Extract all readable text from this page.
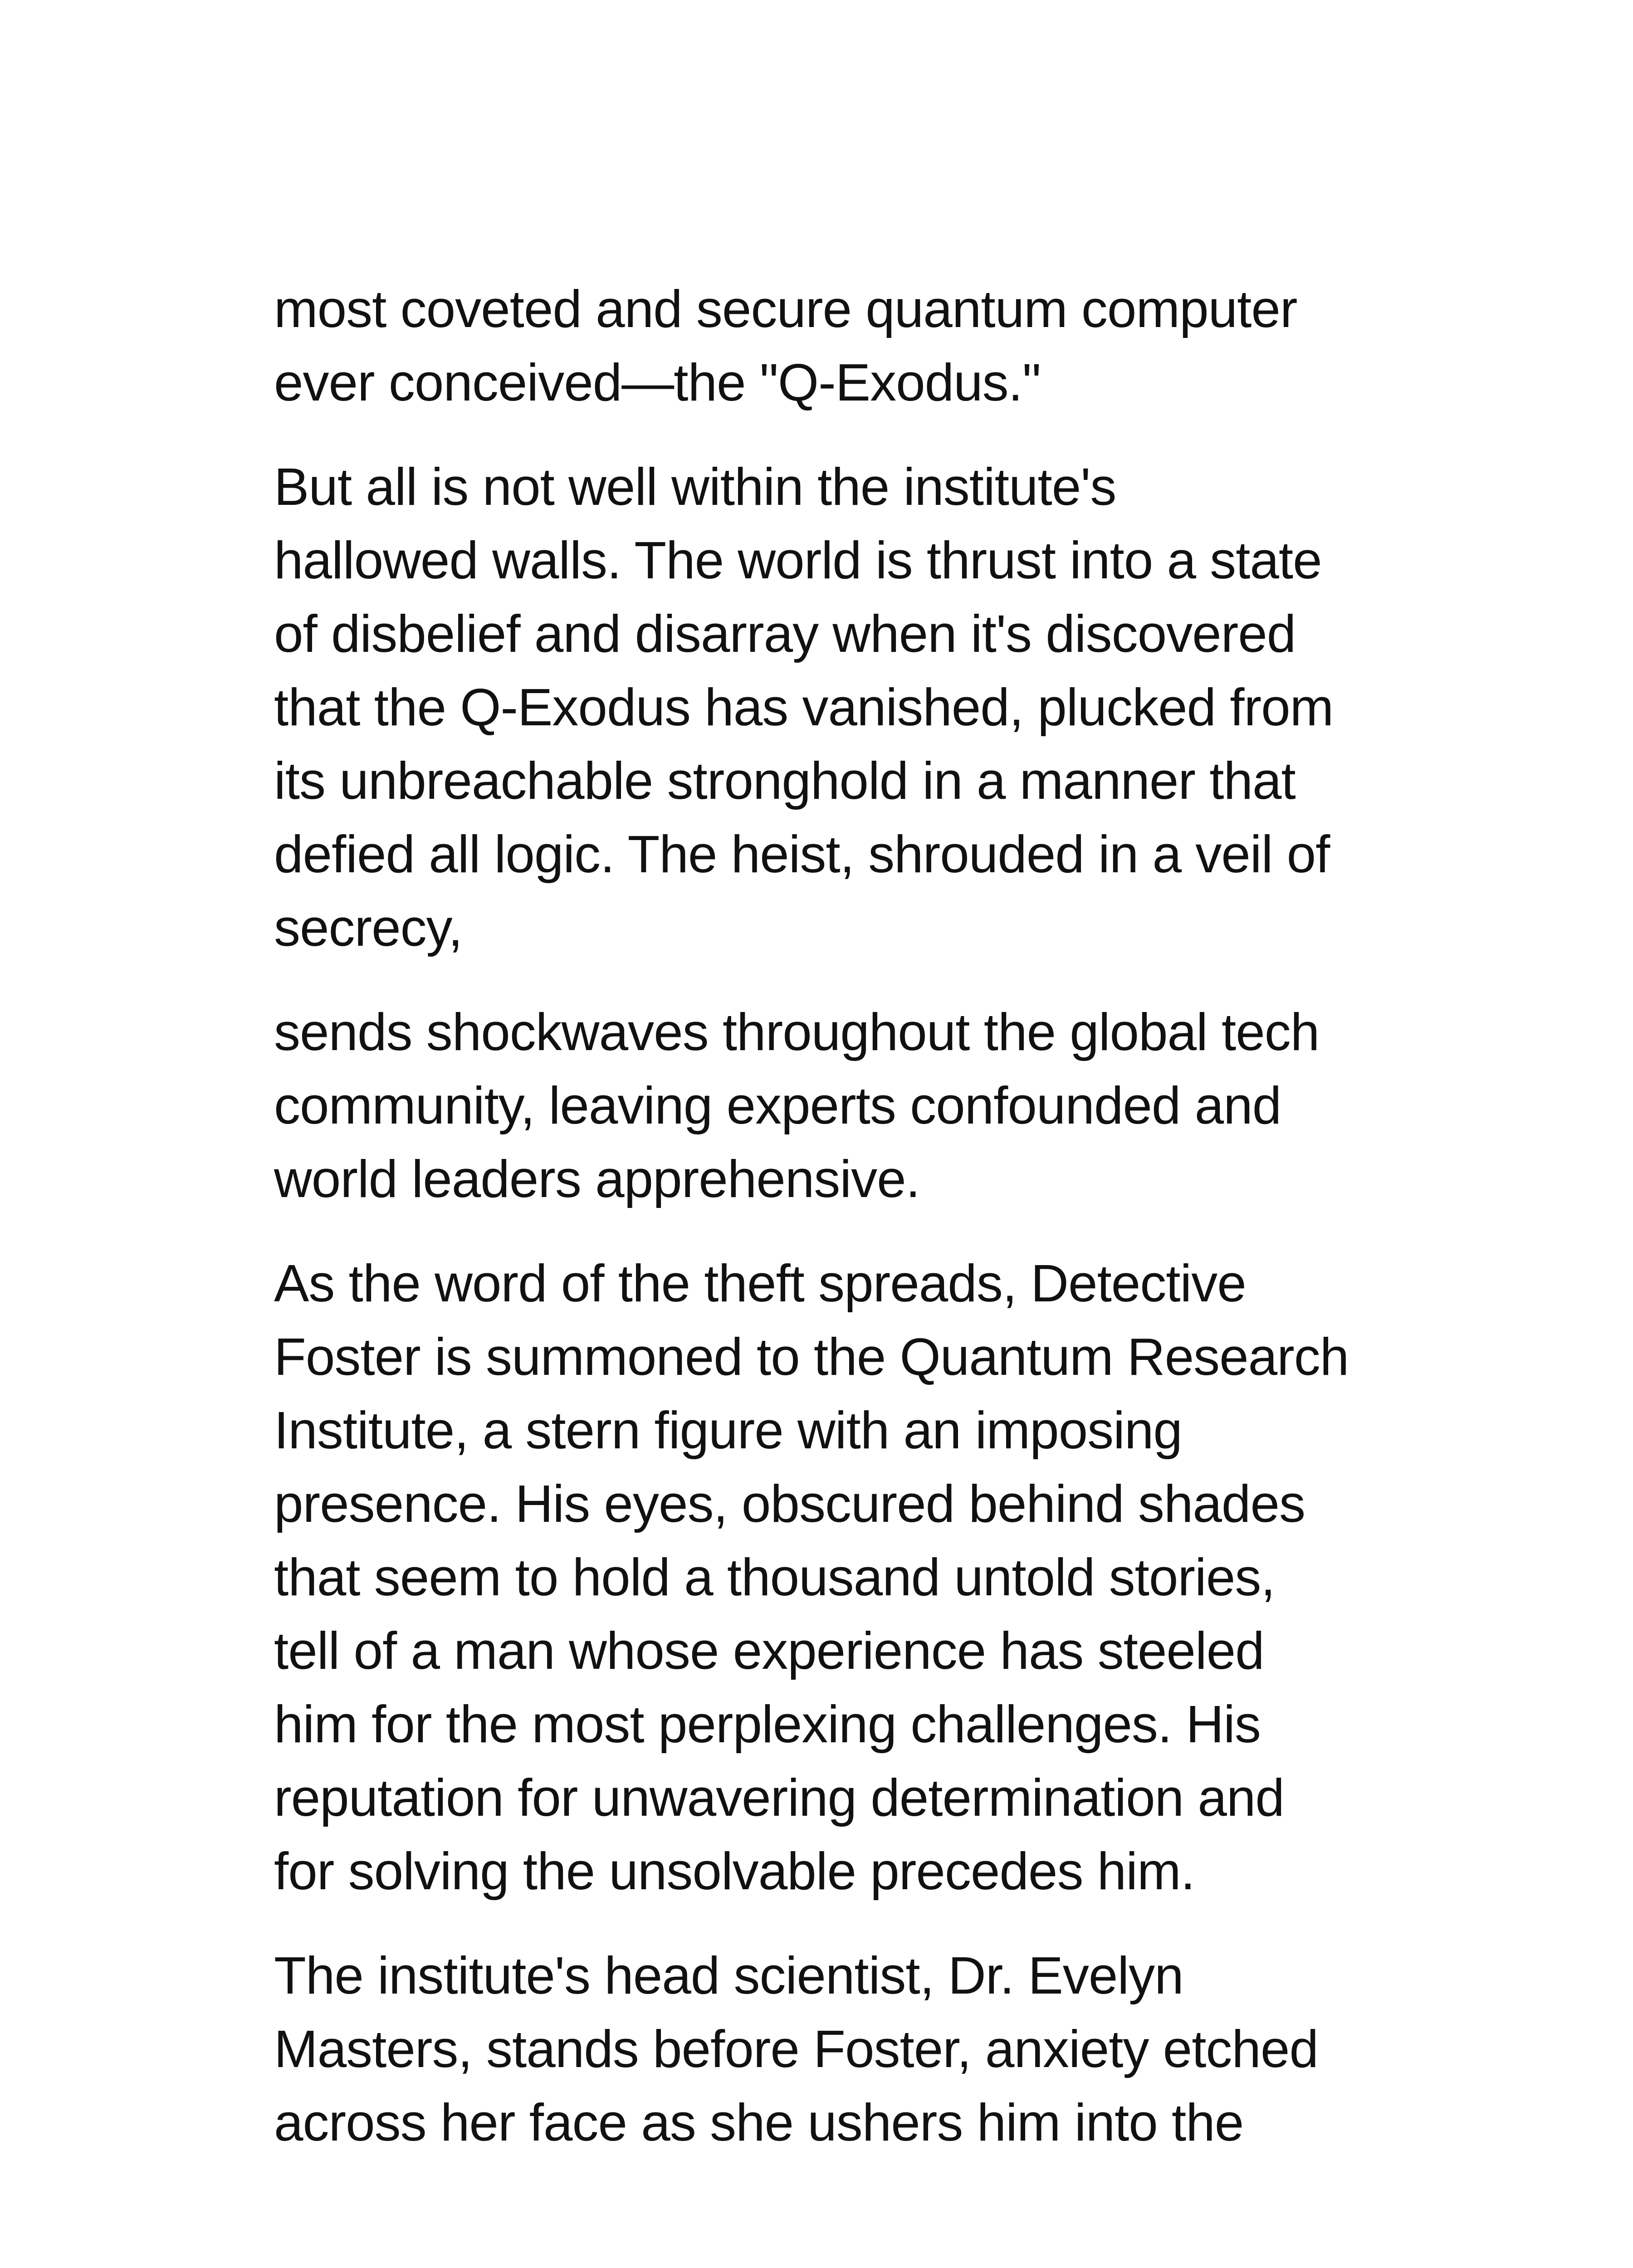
most coveted and secure quantum computer
ever conceived—the "Q-Exodus."

But all is not well within the institute's
hallowed walls. The world is thrust into a state
of disbelief and disarray when it's discovered
that the Q-Exodus has vanished, plucked from
its unbreachable stronghold in a manner that
defied all logic. The heist, shrouded in a veil of
secrecy,

sends shockwaves throughout the global tech
community, leaving experts confounded and
world leaders apprehensive.

As the word of the theft spreads, Detective
Foster is summoned to the Quantum Research
Institute, a stern figure with an imposing
presence. His eyes, obscured behind shades
that seem to hold a thousand untold stories,
tell of a man whose experience has steeled
him for the most perplexing challenges. His
reputation for unwavering determination and
for solving the unsolvable precedes him.

The institute's head scientist, Dr. Evelyn
Masters, stands before Foster, anxiety etched
across her face as she ushers him into the
